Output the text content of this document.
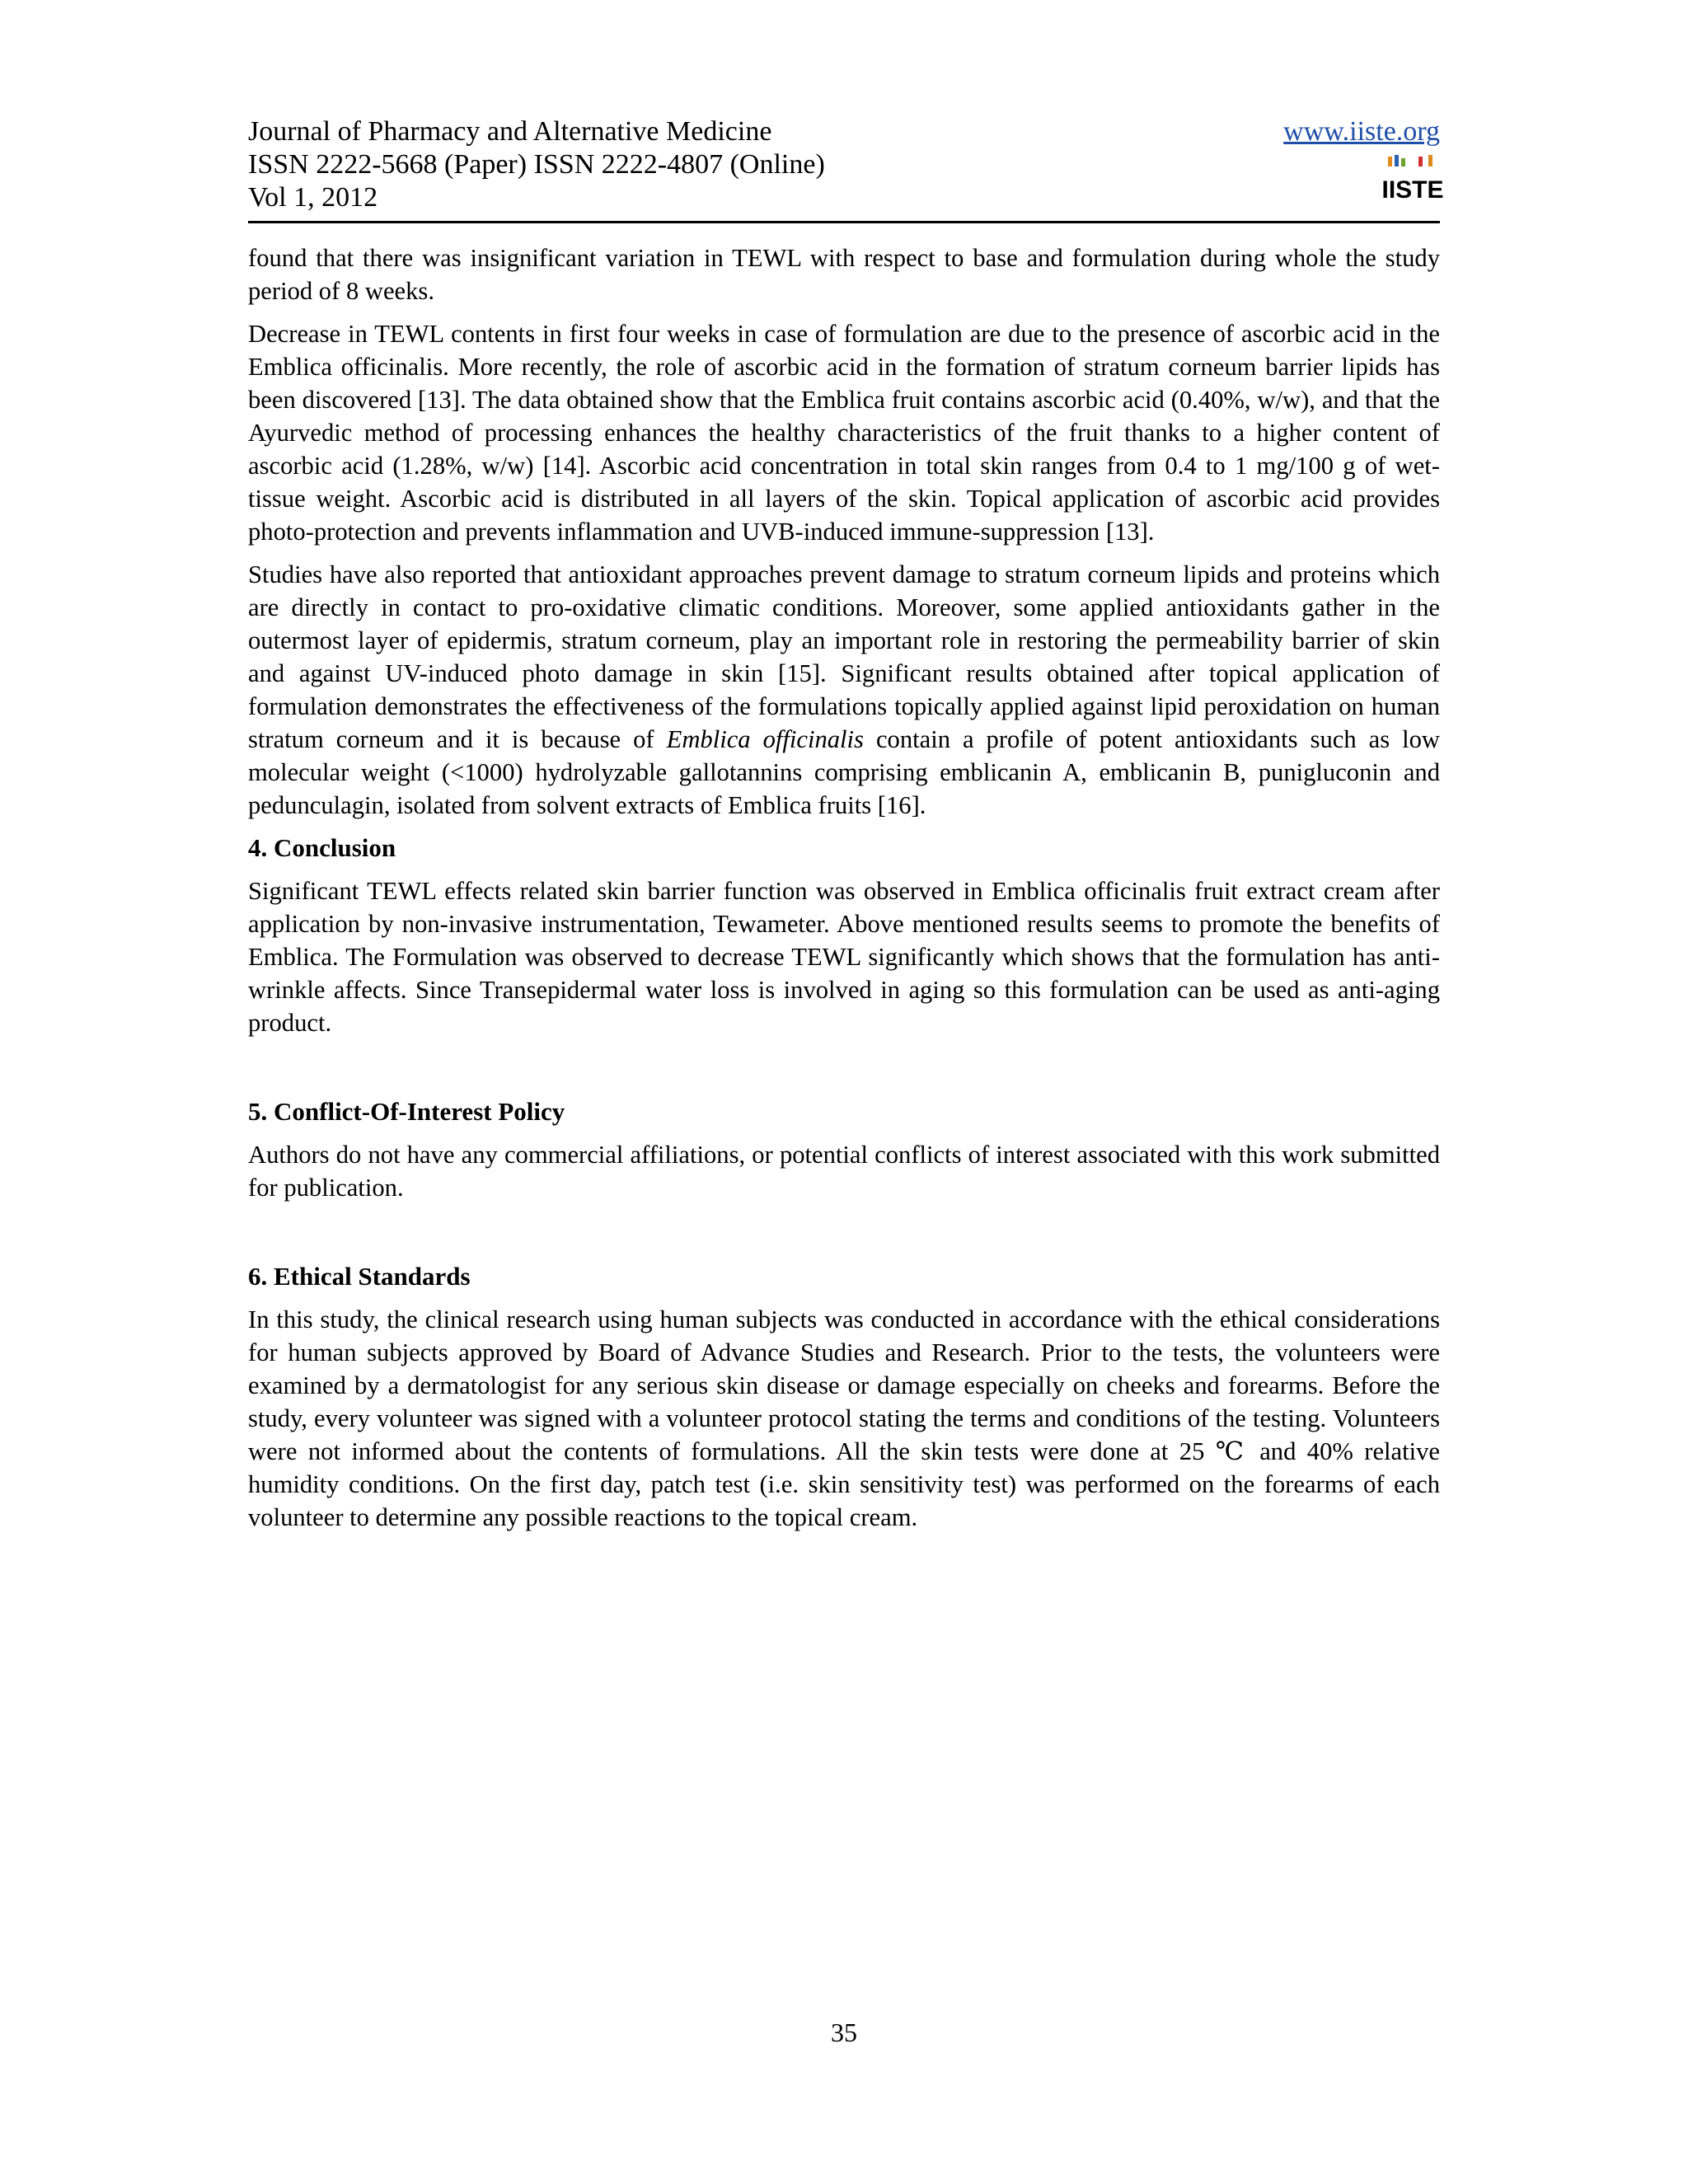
Journal of Pharmacy and Alternative Medicine
ISSN 2222-5668 (Paper) ISSN 2222-4807 (Online)
Vol 1, 2012
www.iiste.org
IISTE

found that there was insignificant variation in TEWL with respect to base and formulation during whole the study period of 8 weeks.

Decrease in TEWL contents in first four weeks in case of formulation are due to the presence of ascorbic acid in the Emblica officinalis. More recently, the role of ascorbic acid in the formation of stratum corneum barrier lipids has been discovered [13]. The data obtained show that the Emblica fruit contains ascorbic acid (0.40%, w/w), and that the Ayurvedic method of processing enhances the healthy characteristics of the fruit thanks to a higher content of ascorbic acid (1.28%, w/w) [14]. Ascorbic acid concentration in total skin ranges from 0.4 to 1 mg/100 g of wet-tissue weight. Ascorbic acid is distributed in all layers of the skin. Topical application of ascorbic acid provides photo-protection and prevents inflammation and UVB-induced immune-suppression [13].

Studies have also reported that antioxidant approaches prevent damage to stratum corneum lipids and proteins which are directly in contact to pro-oxidative climatic conditions. Moreover, some applied antioxidants gather in the outermost layer of epidermis, stratum corneum, play an important role in restoring the permeability barrier of skin and against UV-induced photo damage in skin [15]. Significant results obtained after topical application of formulation demonstrates the effectiveness of the formulations topically applied against lipid peroxidation on human stratum corneum and it is because of Emblica officinalis contain a profile of potent antioxidants such as low molecular weight (<1000) hydrolyzable gallotannins comprising emblicanin A, emblicanin B, punigluconin and pedunculagin, isolated from solvent extracts of Emblica fruits [16].

4. Conclusion

Significant TEWL effects related skin barrier function was observed in Emblica officinalis fruit extract cream after application by non-invasive instrumentation, Tewameter. Above mentioned results seems to promote the benefits of Emblica. The Formulation was observed to decrease TEWL significantly which shows that the formulation has anti-wrinkle affects. Since Transepidermal water loss is involved in aging so this formulation can be used as anti-aging product.

5. Conflict-Of-Interest Policy

Authors do not have any commercial affiliations, or potential conflicts of interest associated with this work submitted for publication.

6. Ethical Standards

In this study, the clinical research using human subjects was conducted in accordance with the ethical considerations for human subjects approved by Board of Advance Studies and Research. Prior to the tests, the volunteers were examined by a dermatologist for any serious skin disease or damage especially on cheeks and forearms. Before the study, every volunteer was signed with a volunteer protocol stating the terms and conditions of the testing. Volunteers were not informed about the contents of formulations. All the skin tests were done at 25 ℃ and 40% relative humidity conditions. On the first day, patch test (i.e. skin sensitivity test) was performed on the forearms of each volunteer to determine any possible reactions to the topical cream.

35
